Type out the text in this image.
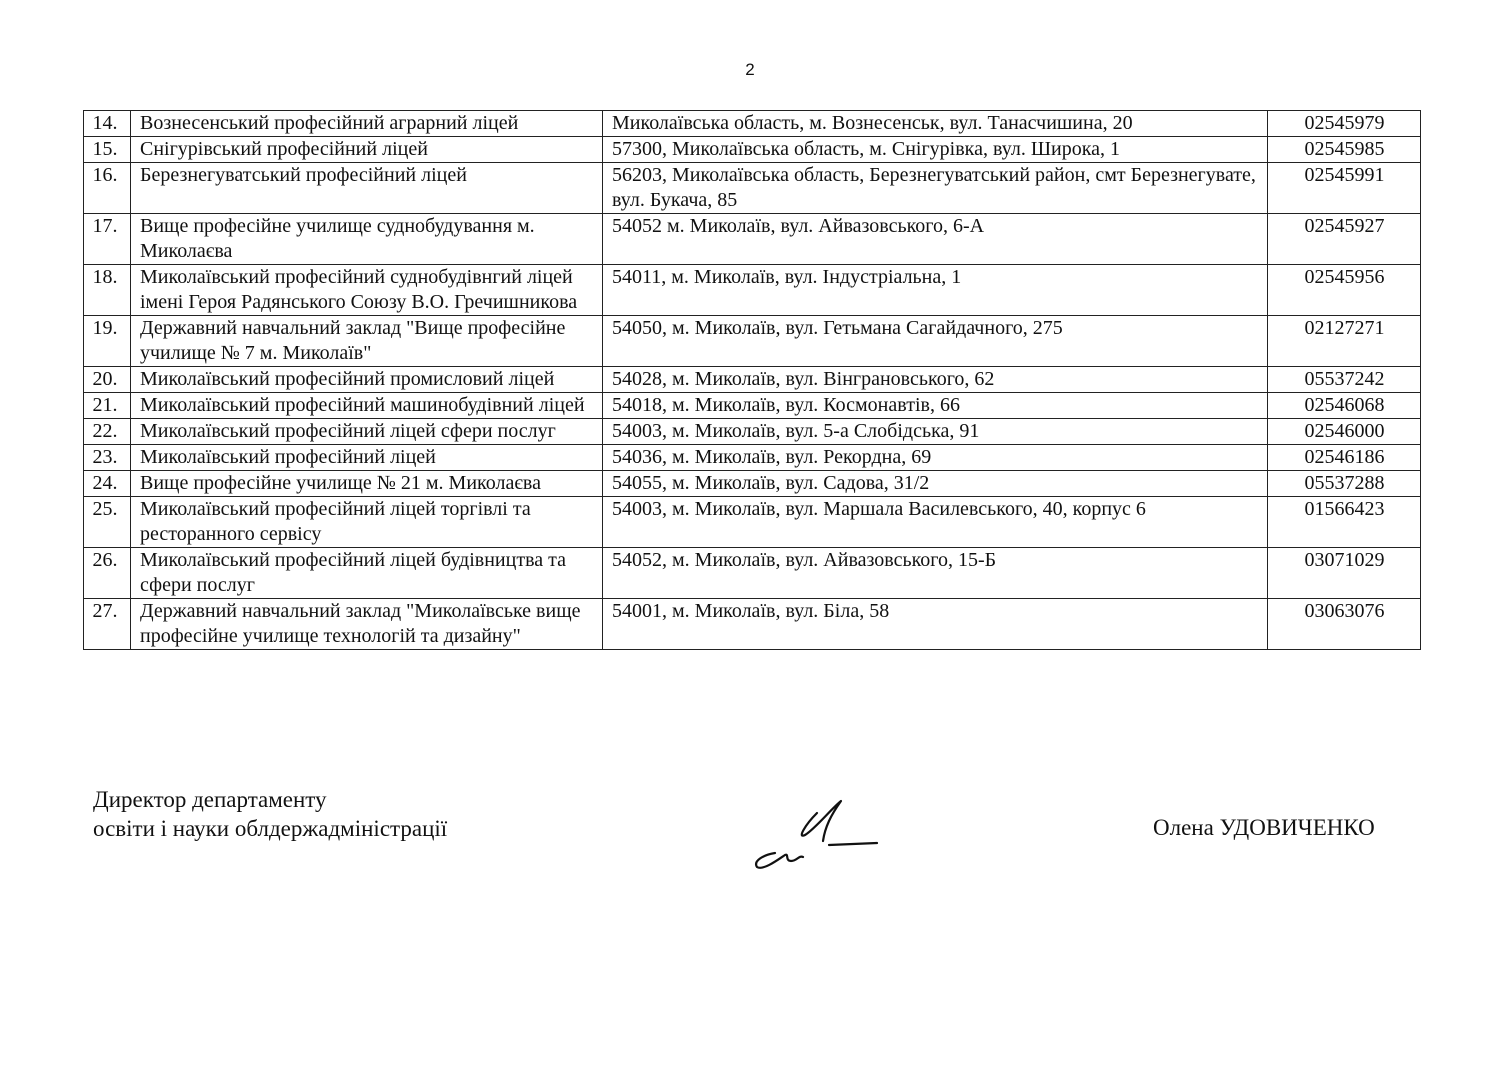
2
14.	Вознесенський професійний аграрний ліцей	Миколаївська область, м. Вознесенськ, вул. Танасчишина, 20	02545979
15.	Снігурівський професійний ліцей	57300, Миколаївська область, м. Снігурівка, вул. Широка, 1	02545985
16.	Березнегуватський професійний ліцей	56203, Миколаївська область, Березнегуватський район, смт Березнегувате, вул. Букача, 85	02545991
17.	Вище професійне училище суднобудування м. Миколаєва	54052 м. Миколаїв, вул. Айвазовського, 6-А	02545927
18.	Миколаївський професійний суднобудівнгий ліцей імені Героя Радянського Союзу В.О. Гречишникова	54011, м. Миколаїв, вул. Індустріальна, 1	02545956
19.	Державний навчальний заклад "Вище професійне училище № 7 м. Миколаїв"	54050, м. Миколаїв, вул. Гетьмана Сагайдачного, 275	02127271
20.	Миколаївський професійний промисловий ліцей	54028, м. Миколаїв, вул. Вінграновського, 62	05537242
21.	Миколаївський професійний машинобудівний ліцей	54018, м. Миколаїв, вул. Космонавтів, 66	02546068
22.	Миколаївський професійний ліцей сфери послуг	54003, м. Миколаїв, вул. 5-а Слобідська, 91	02546000
23.	Миколаївський професійний ліцей	54036, м. Миколаїв, вул. Рекордна, 69	02546186
24.	Вище професійне училище № 21 м. Миколаєва	54055, м. Миколаїв, вул. Садова, 31/2	05537288
25.	Миколаївський професійний ліцей торгівлі та ресторанного сервісу	54003, м. Миколаїв, вул. Маршала Василевського, 40, корпус 6	01566423
26.	Миколаївський професійний ліцей будівництва та сфери послуг	54052, м. Миколаїв, вул. Айвазовського, 15-Б	03071029
27.	Державний навчальний заклад "Миколаївське вище професійне училище технологій та дизайну"	54001, м. Миколаїв, вул. Біла, 58	03063076
Директор департаменту
освіти і науки облдержадміністрації	Олена УДОВИЧЕНКО
